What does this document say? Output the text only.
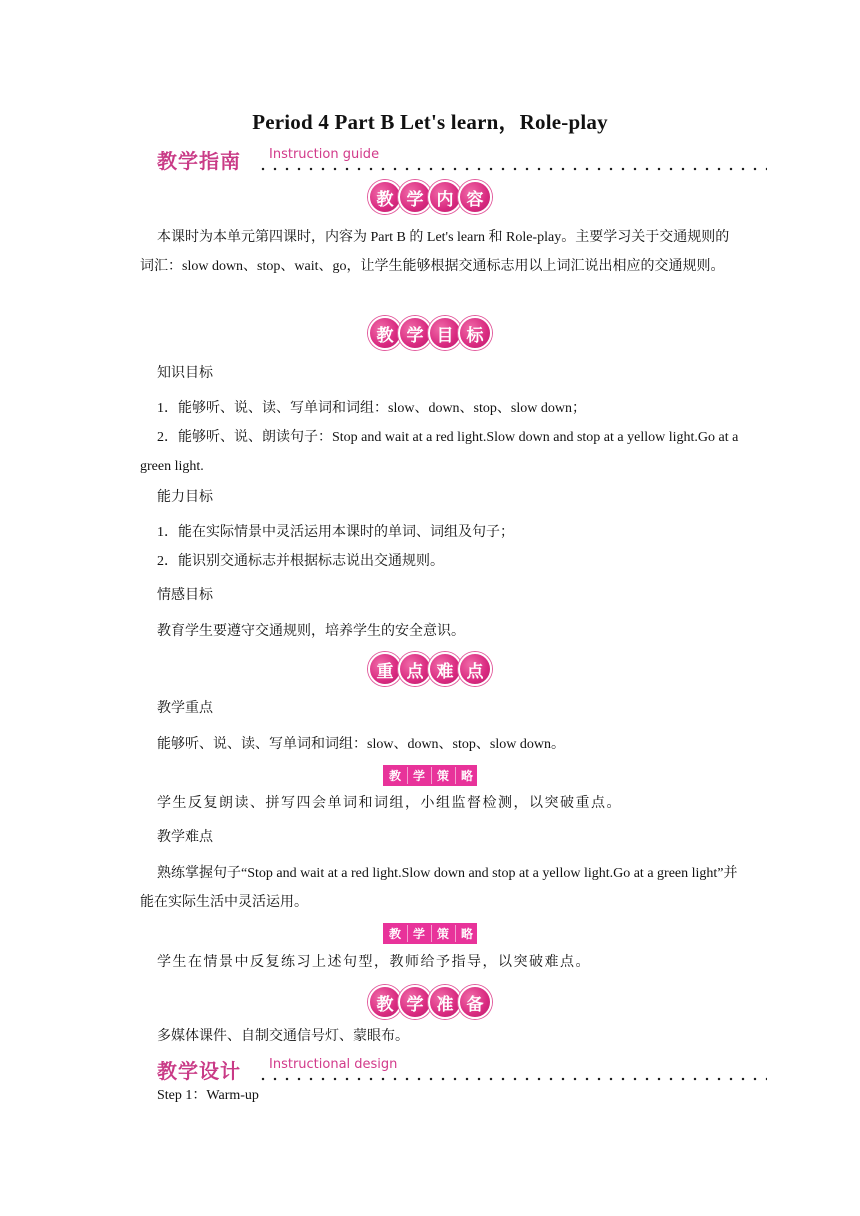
Period 4 Part B Let's learn，Role-play
教学指南 Instruction guide
教 学 内 容
本课时为本单元第四课时，内容为 Part B 的 Let's learn 和 Role-play。主要学习关于交通规则的词汇：slow down、stop、wait、go，让学生能够根据交通标志用以上词汇说出相应的交通规则。
教 学 目 标
知识目标
1．能够听、说、读、写单词和词组：slow、down、stop、slow down；
2．能够听、说、朗读句子：Stop and wait at a red light.Slow down and stop at a yellow light.Go at a green light.
能力目标
1．能在实际情景中灵活运用本课时的单词、词组及句子；
2．能识别交通标志并根据标志说出交通规则。
情感目标
教育学生要遵守交通规则，培养学生的安全意识。
重 点 难 点
教学重点
能够听、说、读、写单词和词组：slow、down、stop、slow down。
教	学	策	略
学生反复朗读、拼写四会单词和词组，小组监督检测，以突破重点。
教学难点
熟练掌握句子“Stop and wait at a red light.Slow down and stop at a yellow light.Go at a green light”并能在实际生活中灵活运用。
教	学	策	略
学生在情景中反复练习上述句型，教师给予指导，以突破难点。
教 学 准 备
多媒体课件、自制交通信号灯、蒙眼布。
教学设计 Instructional design
Step 1：Warm-up
